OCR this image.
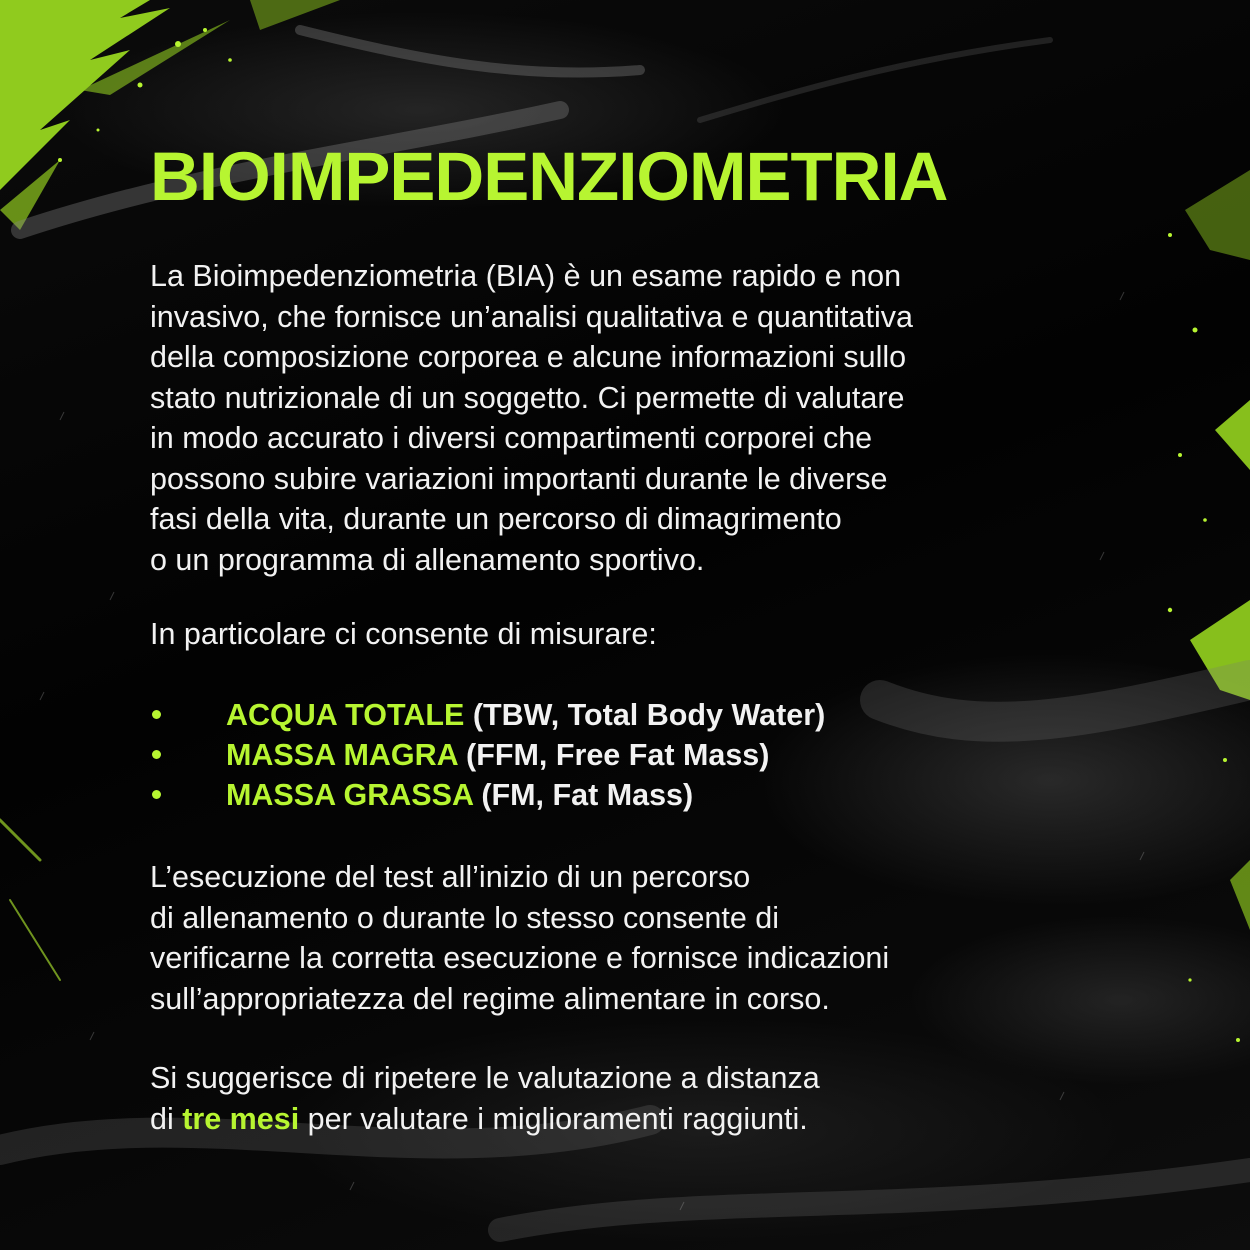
BIOIMPEDENZIOMETRIA

La Bioimpedenziometria (BIA) è un esame rapido e non
invasivo, che fornisce un’analisi qualitativa e quantitativa
della composizione corporea e alcune informazioni sullo
stato nutrizionale di un soggetto. Ci permette di valutare
in modo accurato i diversi compartimenti corporei che
possono subire variazioni importanti durante le diverse
fasi della vita, durante un percorso di dimagrimento
o un programma di allenamento sportivo.

In particolare ci consente di misurare:

ACQUA TOTALE (TBW, Total Body Water)
MASSA MAGRA (FFM, Free Fat Mass)
MASSA GRASSA (FM, Fat Mass)

L’esecuzione del test all’inizio di un percorso
di allenamento o durante lo stesso consente di
verificarne la corretta esecuzione e fornisce indicazioni
sull’appropriatezza del regime alimentare in corso.

Si suggerisce di ripetere le valutazione a distanza
di tre mesi per valutare i miglioramenti raggiunti.
